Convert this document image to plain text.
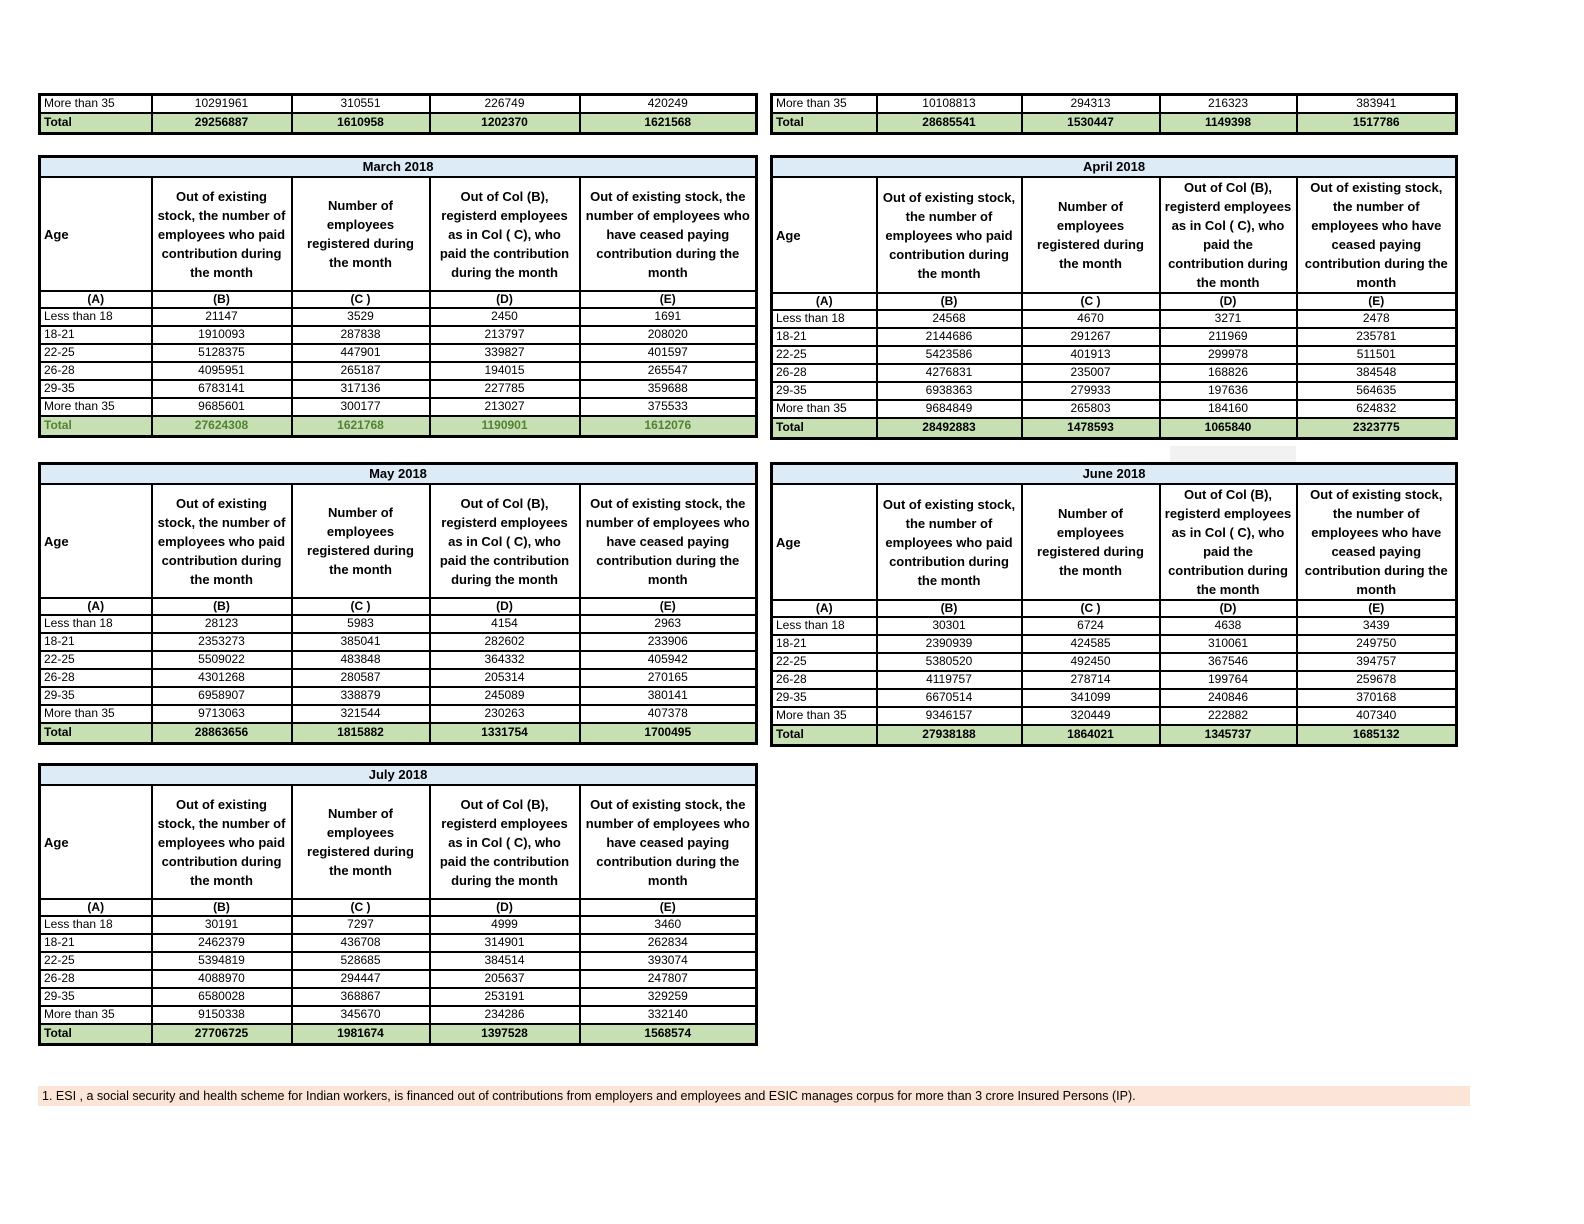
More than 35	10291961	310551	226749	420249
Total	29256887	1610958	1202370	1621568
More than 35	10108813	294313	216323	383941
Total	28685541	1530447	1149398	1517786
March 2018				
Age	Out of existing stock, the number of employees who paid contribution during the month	Number of employees registered during the month	Out of Col (B), registerd employees as in Col ( C), who paid the contribution during the month	Out of existing stock, the number of employees who have ceased paying contribution during the month
(A)	(B)	(C )	(D)	(E)
Less than 18	21147	3529	2450	1691
18-21	1910093	287838	213797	208020
22-25	5128375	447901	339827	401597
26-28	4095951	265187	194015	265547
29-35	6783141	317136	227785	359688
More than 35	9685601	300177	213027	375533
Total	27624308	1621768	1190901	1612076
April 2018				
Age	Out of existing stock, the number of employees who paid contribution during the month	Number of employees registered during the month	Out of Col (B), registerd employees as in Col ( C), who paid the contribution during the month	Out of existing stock, the number of employees who have ceased paying contribution during the month
(A)	(B)	(C )	(D)	(E)
Less than 18	24568	4670	3271	2478
18-21	2144686	291267	211969	235781
22-25	5423586	401913	299978	511501
26-28	4276831	235007	168826	384548
29-35	6938363	279933	197636	564635
More than 35	9684849	265803	184160	624832
Total	28492883	1478593	1065840	2323775
May 2018				
Age	Out of existing stock, the number of employees who paid contribution during the month	Number of employees registered during the month	Out of Col (B), registerd employees as in Col ( C), who paid the contribution during the month	Out of existing stock, the number of employees who have ceased paying contribution during the month
(A)	(B)	(C )	(D)	(E)
Less than 18	28123	5983	4154	2963
18-21	2353273	385041	282602	233906
22-25	5509022	483848	364332	405942
26-28	4301268	280587	205314	270165
29-35	6958907	338879	245089	380141
More than 35	9713063	321544	230263	407378
Total	28863656	1815882	1331754	1700495
June 2018				
Age	Out of existing stock, the number of employees who paid contribution during the month	Number of employees registered during the month	Out of Col (B), registerd employees as in Col ( C), who paid the contribution during the month	Out of existing stock, the number of employees who have ceased paying contribution during the month
(A)	(B)	(C )	(D)	(E)
Less than 18	30301	6724	4638	3439
18-21	2390939	424585	310061	249750
22-25	5380520	492450	367546	394757
26-28	4119757	278714	199764	259678
29-35	6670514	341099	240846	370168
More than 35	9346157	320449	222882	407340
Total	27938188	1864021	1345737	1685132
July 2018				
Age	Out of existing stock, the number of employees who paid contribution during the month	Number of employees registered during the month	Out of Col (B), registerd employees as in Col ( C), who paid the contribution during the month	Out of existing stock, the number of employees who have ceased paying contribution during the month
(A)	(B)	(C )	(D)	(E)
Less than 18	30191	7297	4999	3460
18-21	2462379	436708	314901	262834
22-25	5394819	528685	384514	393074
26-28	4088970	294447	205637	247807
29-35	6580028	368867	253191	329259
More than 35	9150338	345670	234286	332140
Total	27706725	1981674	1397528	1568574
1. ESI , a social security and health scheme for Indian workers, is financed out of contributions from employers and employees and ESIC manages corpus for more than 3 crore Insured Persons (IP).
